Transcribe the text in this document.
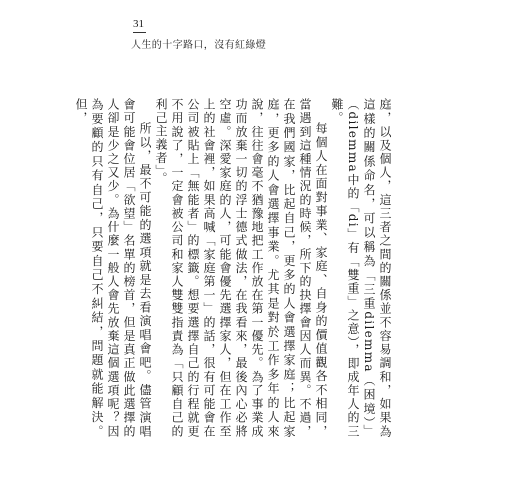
31
人生的十字路口，沒有紅綠燈

庭，以及個人，這三者之間的關係並不容易調和，如果為這樣的關係命名，可以稱為「三重dilemma（困境）」（dilemma中的「di」有「雙重」之意），即成年人的三難。

每個人在面對事業、家庭、自身的價值觀各不相同，當遇到這種情況的時候，所下的抉擇會因人而異。不過，在我們國家，比起自己，更多的人會選擇家庭；比起家庭，更多的人會選擇事業。尤其是對於工作多年的人來說，往往會毫不猶豫地把工作放在第一優先。為了事業成功而放棄一切的浮士德式做法，在我看來，最後內心必將空虛。深愛家庭的人，可能會優先選擇家人，但在工作至上的社會裡，如果高喊「家庭第一」的話，很有可能會在公司被貼上「無能者」的標籤。想要選擇自己的行程就更不用說了，一定會被公司和家人雙雙指責為「只顧自己的利己主義者」。

所以，最不可能的選項就是去看演唱會吧。儘管演唱會可能會位居「欲望」名單的榜首，但是真正做此選擇的人卻是少之又少。為什麼一般人會先放棄這個選項呢？因為要顧的只有自己，只要自己不糾結，問題就能解決。但，
